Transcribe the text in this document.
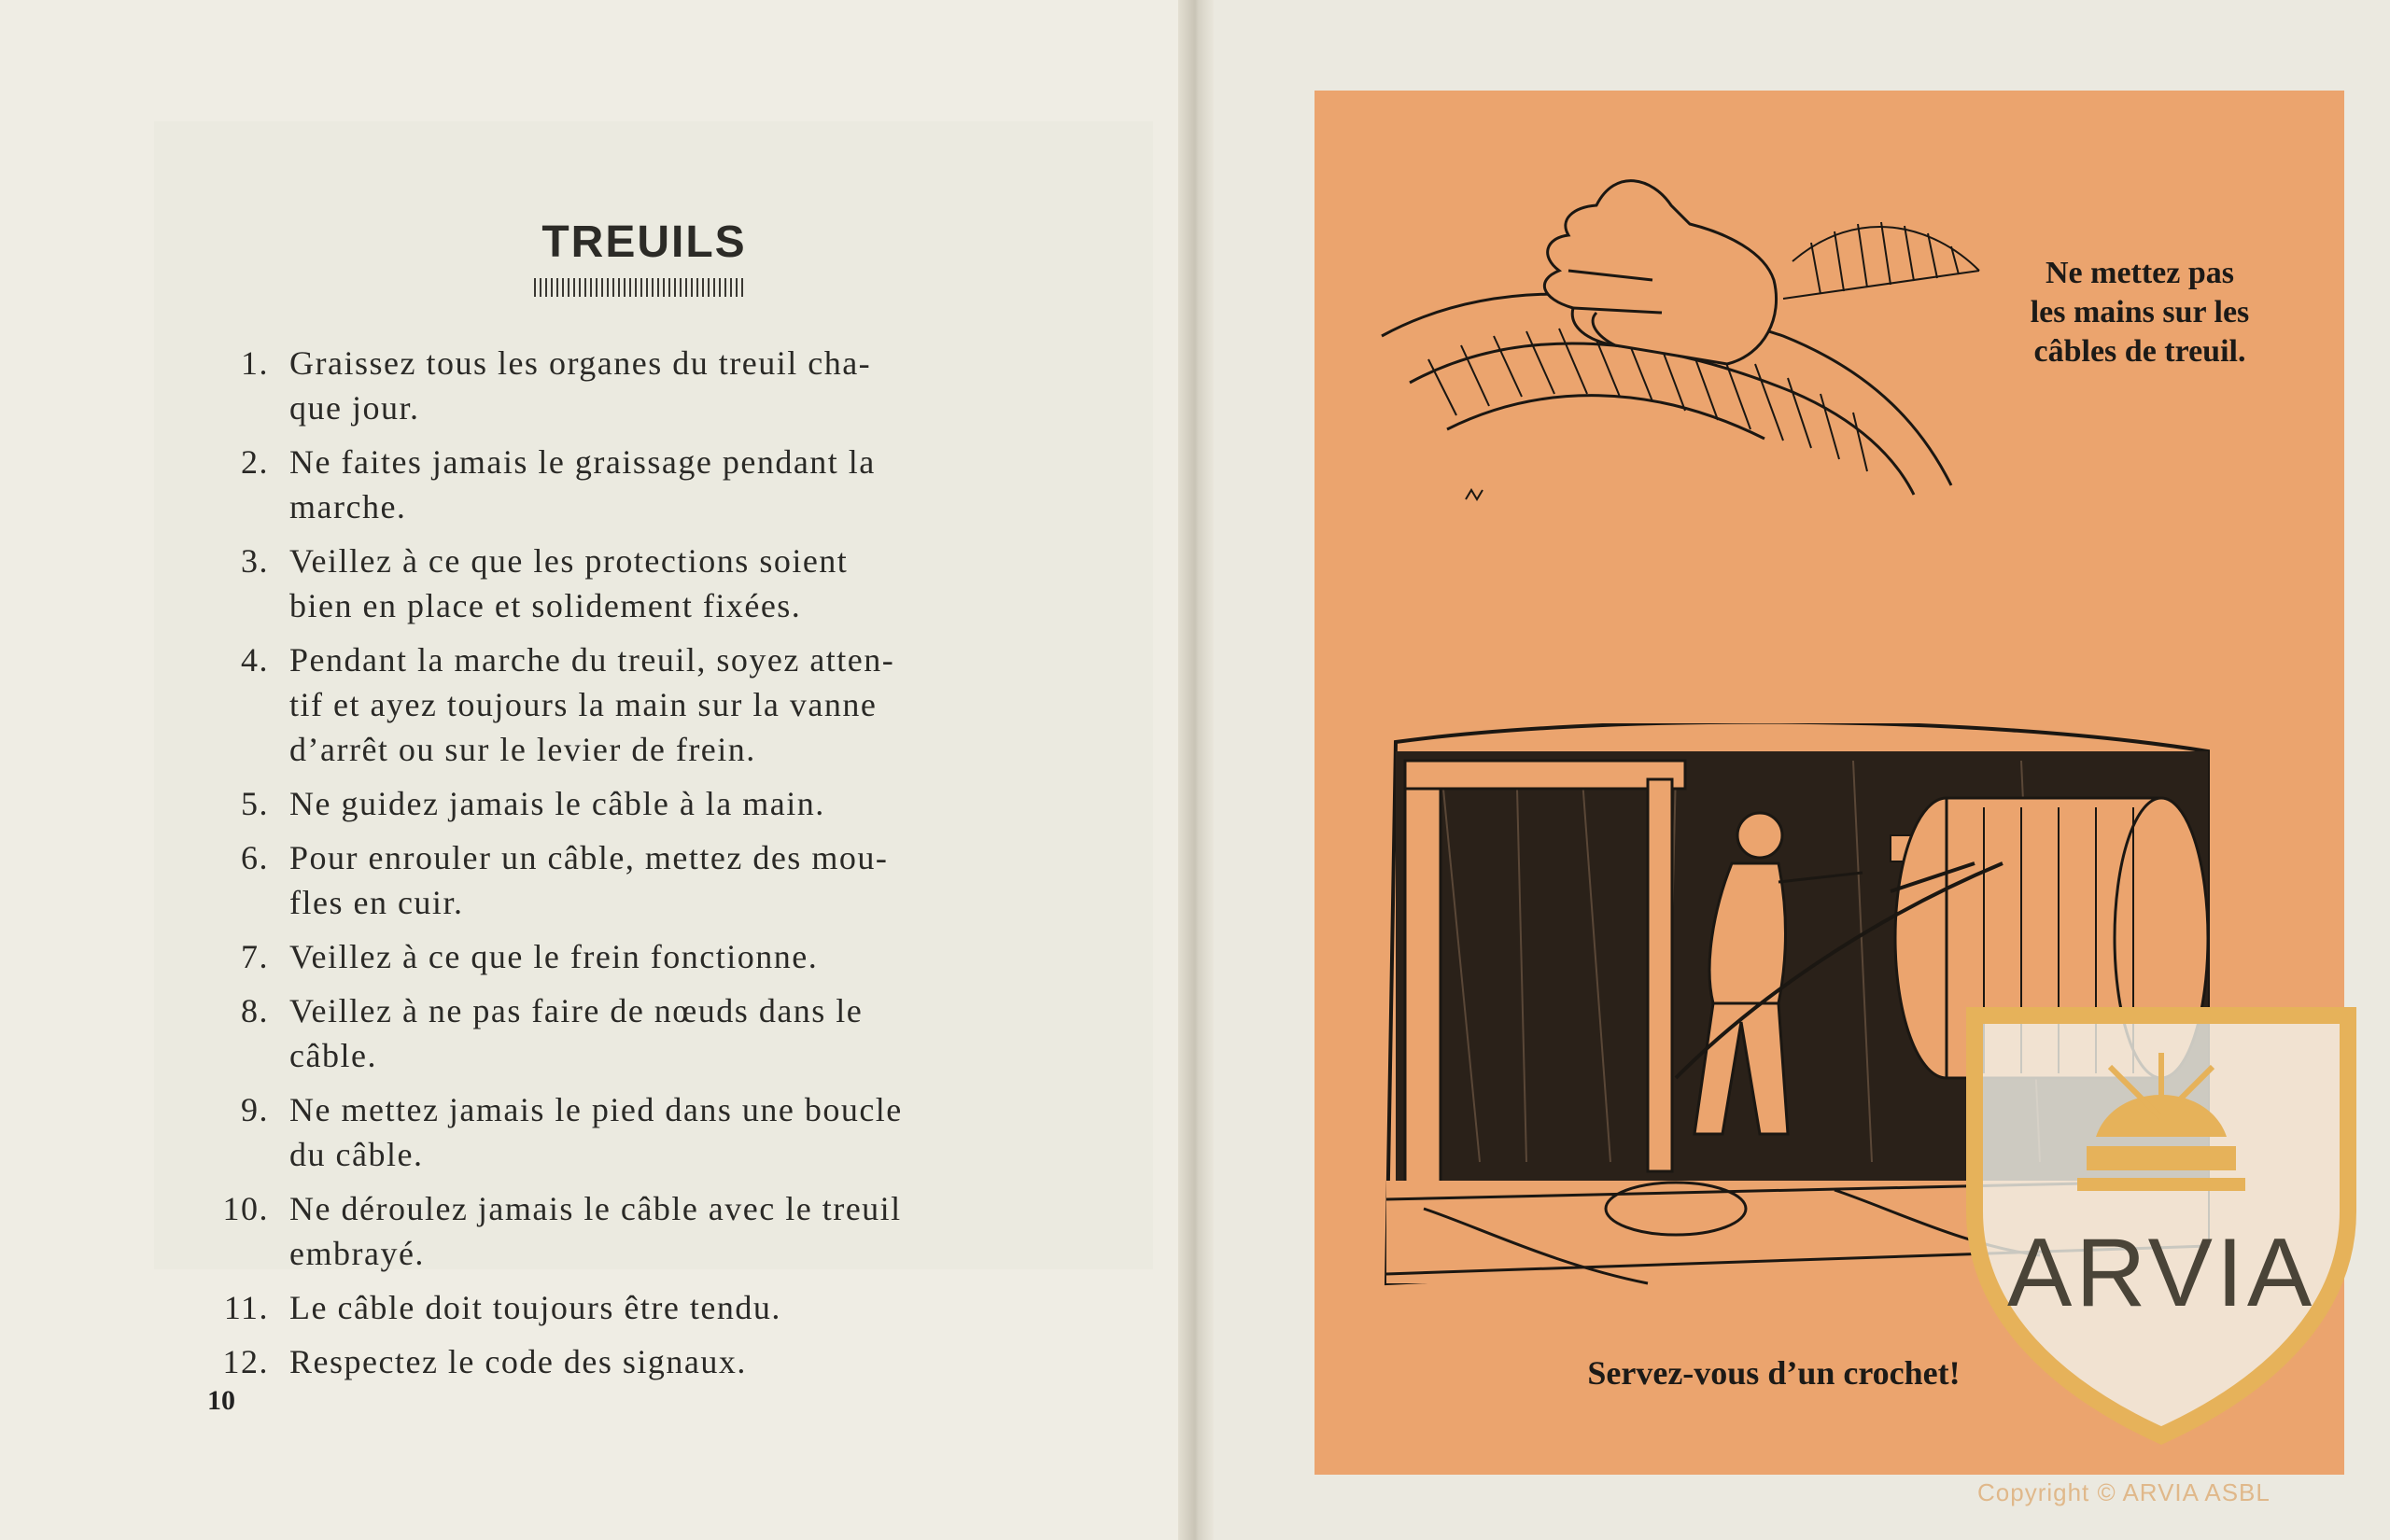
TREUILS
1. Graissez tous les organes du treuil cha-
que jour.
2. Ne faites jamais le graissage pendant la
marche.
3. Veillez à ce que les protections soient
bien en place et solidement fixées.
4. Pendant la marche du treuil, soyez atten-
tif et ayez toujours la main sur la vanne
d’arrêt ou sur le levier de frein.
5. Ne guidez jamais le câble à la main.
6. Pour enrouler un câble, mettez des mou-
fles en cuir.
7. Veillez à ce que le frein fonctionne.
8. Veillez à ne pas faire de nœuds dans le
câble.
9. Ne mettez jamais le pied dans une boucle
du câble.
10. Ne déroulez jamais le câble avec le treuil
embrayé.
11. Le câble doit toujours être tendu.
12. Respectez le code des signaux.
10
Ne mettez pas les mains sur les câbles de treuil.
Servez-vous d’un crochet!
ARVIA
Copyright © ARVIA ASBL
